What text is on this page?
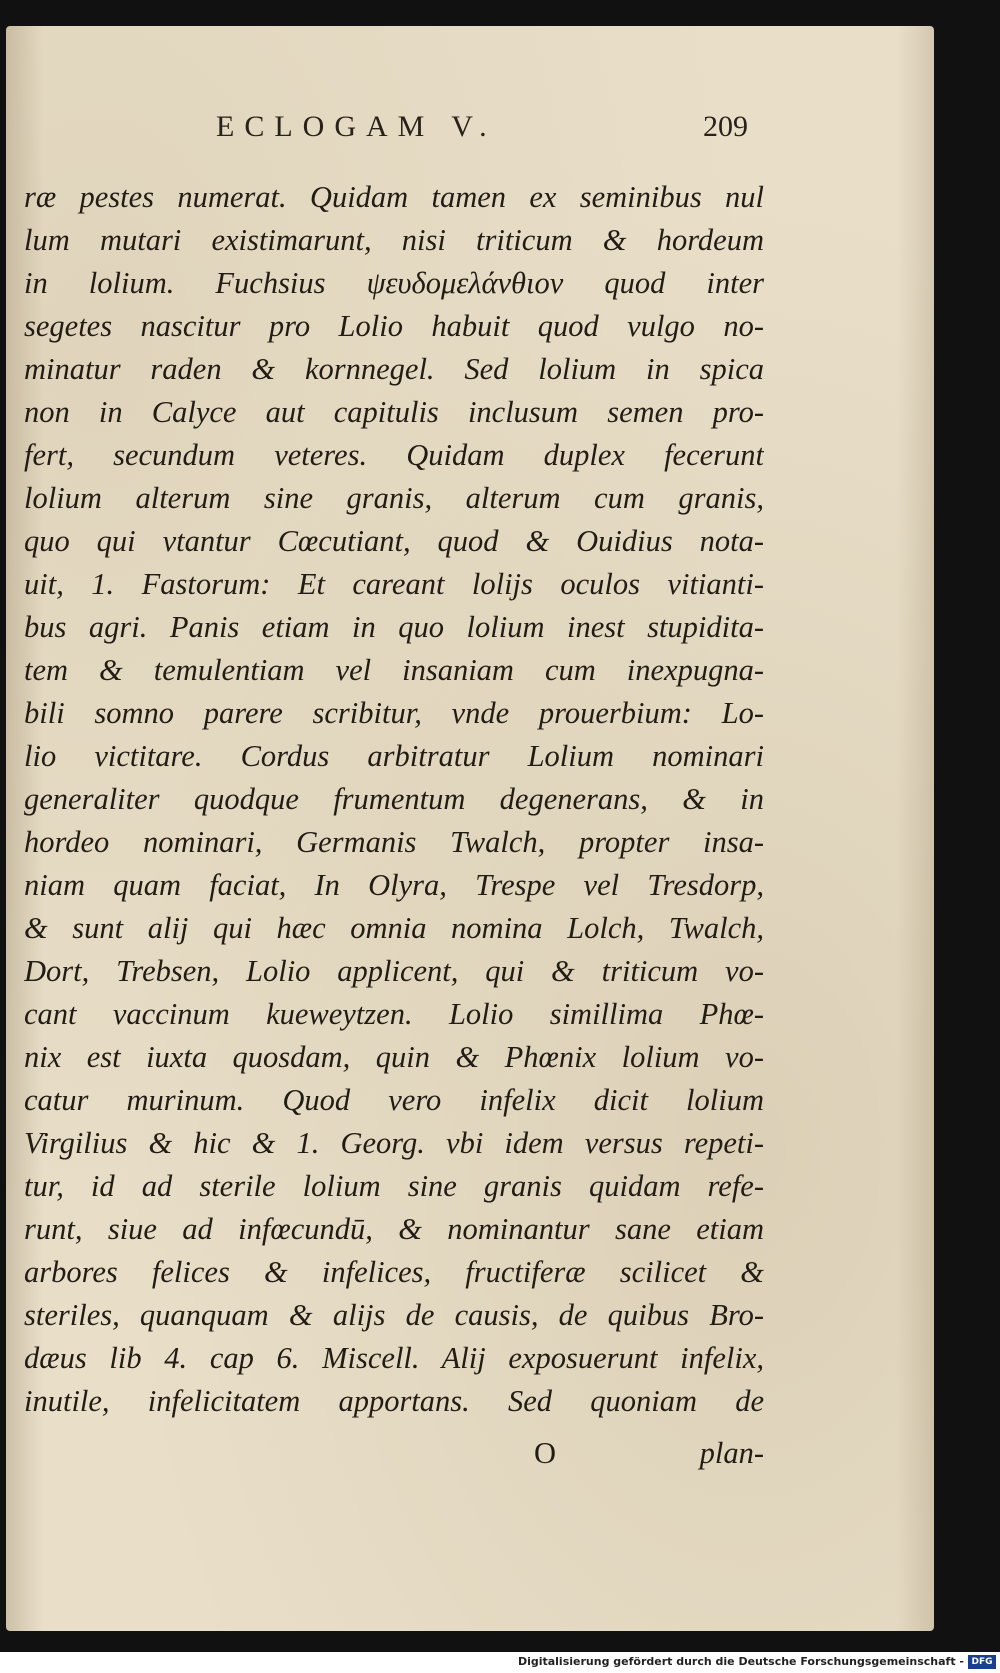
ECLOGAM V.	209
ræ pestes numerat. Quidam tamen ex seminibus nul
lum mutari existimarunt, nisi triticum & hordeum
in lolium. Fuchsius ψευδομελάνθιον quod inter
segetes nascitur pro Lolio habuit quod vulgo no-
minatur raden & kornnegel. Sed lolium in spica
non in Calyce aut capitulis inclusum semen pro-
fert, secundum veteres. Quidam duplex fecerunt
lolium alterum sine granis, alterum cum granis,
quo qui vtantur Cœcutiant, quod & Ouidius nota-
uit, 1. Fastorum: Et careant lolijs oculos vitianti-
bus agri. Panis etiam in quo lolium inest stupidita-
tem & temulentiam vel insaniam cum inexpugna-
bili somno parere scribitur, vnde prouerbium: Lo-
lio victitare. Cordus arbitratur Lolium nominari
generaliter quodque frumentum degenerans, & in
hordeo nominari, Germanis Twalch, propter insa-
niam quam faciat, In Olyra, Trespe vel Tresdorp,
& sunt alij qui hæc omnia nomina Lolch, Twalch,
Dort, Trebsen, Lolio applicent, qui & triticum vo-
cant vaccinum kueweytzen. Lolio simillima Phœ-
nix est iuxta quosdam, quin & Phœnix lolium vo-
catur murinum. Quod vero infelix dicit lolium
Virgilius & hic & 1. Georg. vbi idem versus repeti-
tur, id ad sterile lolium sine granis quidam refe-
runt, siue ad infœcundū, & nominantur sane etiam
arbores felices & infelices, fructiferæ scilicet &
steriles, quanquam & alijs de causis, de quibus Bro-
dæus lib 4. cap 6. Miscell. Alij exposuerunt infelix,
inutile, infelicitatem apportans. Sed quoniam de
O	plan-
Digitalisierung gefördert durch die Deutsche Forschungsgemeinschaft - DFG
